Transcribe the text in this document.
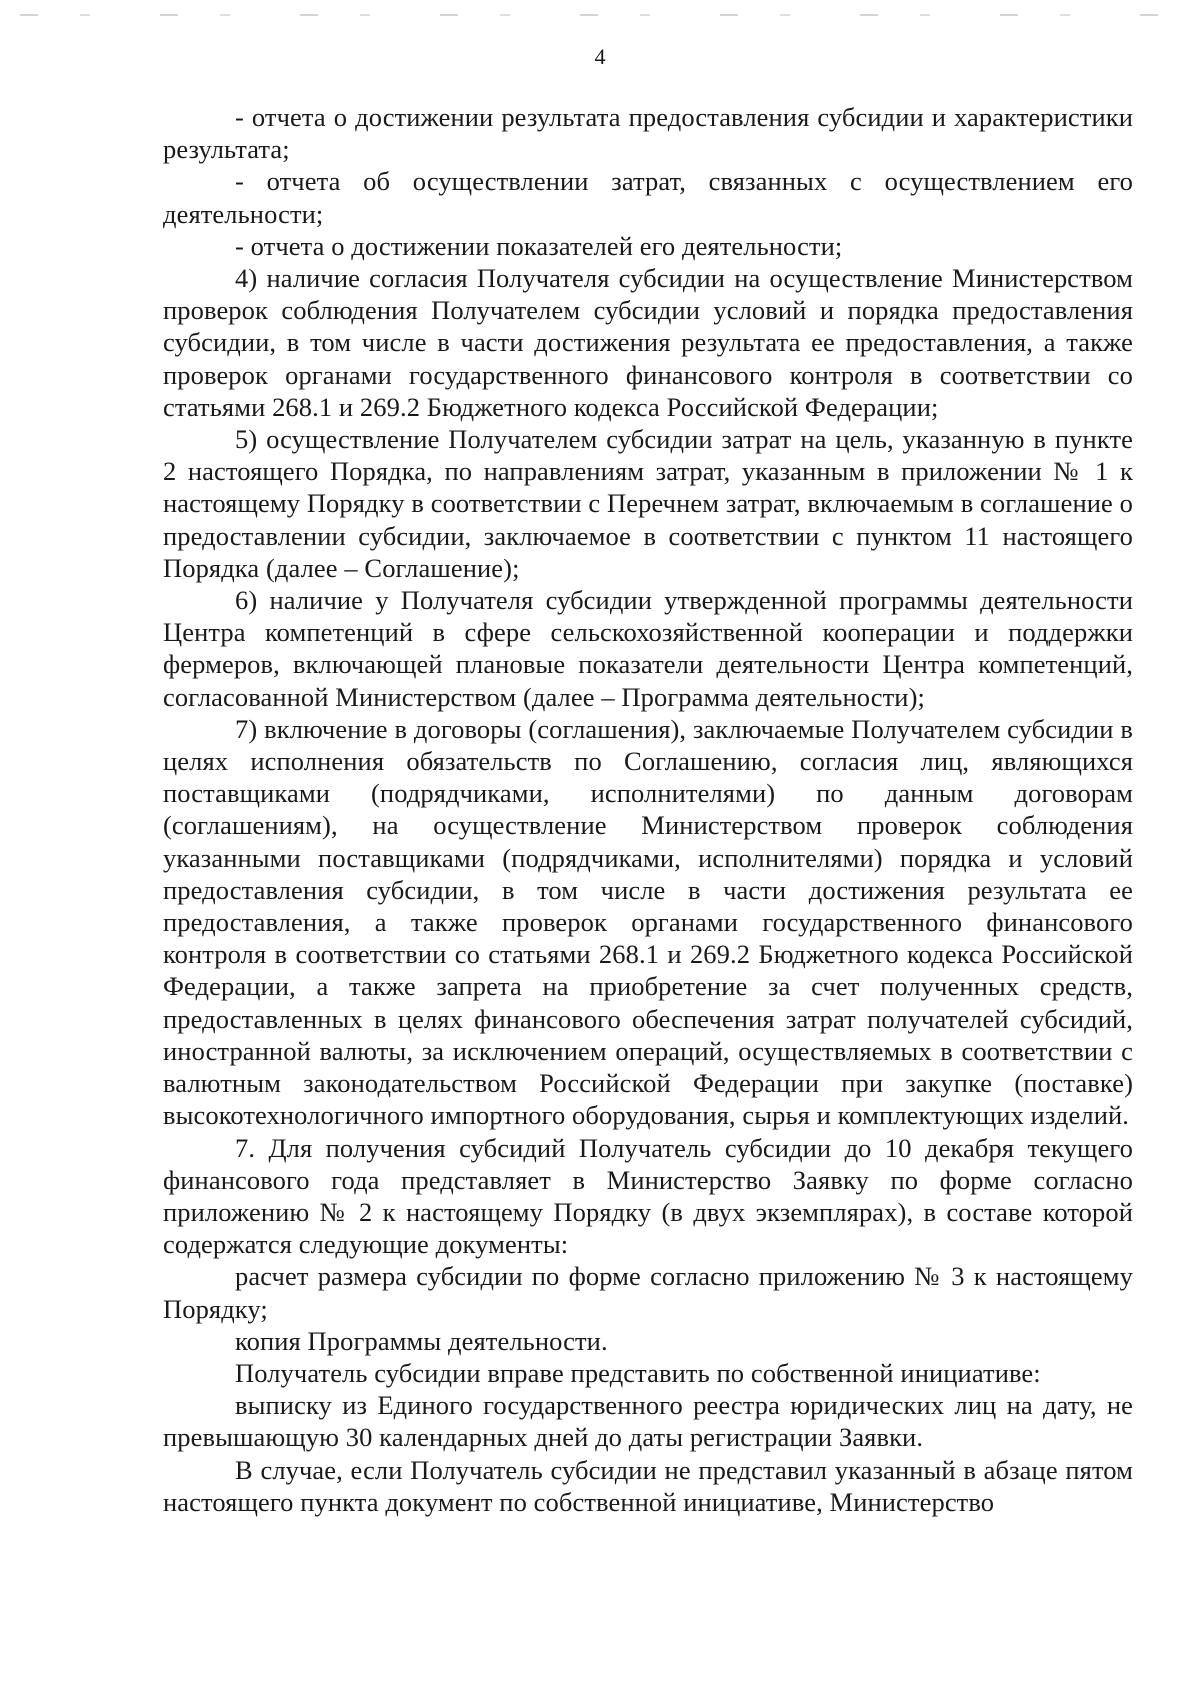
4

- отчета о достижении результата предоставления субсидии и характеристики результата;

- отчета об осуществлении затрат, связанных с осуществлением его деятельности;

- отчета о достижении показателей его деятельности;

4) наличие согласия Получателя субсидии на осуществление Министерством проверок соблюдения Получателем субсидии условий и порядка предоставления субсидии, в том числе в части достижения результата ее предоставления, а также проверок органами государственного финансового контроля в соответствии со статьями 268.1 и 269.2 Бюджетного кодекса Российской Федерации;

5) осуществление Получателем субсидии затрат на цель, указанную в пункте 2 настоящего Порядка, по направлениям затрат, указанным в приложении № 1 к настоящему Порядку в соответствии с Перечнем затрат, включаемым в соглашение о предоставлении субсидии, заключаемое в соответствии с пунктом 11 настоящего Порядка (далее – Соглашение);

6) наличие у Получателя субсидии утвержденной программы деятельности Центра компетенций в сфере сельскохозяйственной кооперации и поддержки фермеров, включающей плановые показатели деятельности Центра компетенций, согласованной Министерством (далее – Программа деятельности);

7) включение в договоры (соглашения), заключаемые Получателем субсидии в целях исполнения обязательств по Соглашению, согласия лиц, являющихся поставщиками (подрядчиками, исполнителями) по данным договорам (соглашениям), на осуществление Министерством проверок соблюдения указанными поставщиками (подрядчиками, исполнителями) порядка и условий предоставления субсидии, в том числе в части достижения результата ее предоставления, а также проверок органами государственного финансового контроля в соответствии со статьями 268.1 и 269.2 Бюджетного кодекса Российской Федерации, а также запрета на приобретение за счет полученных средств, предоставленных в целях финансового обеспечения затрат получателей субсидий, иностранной валюты, за исключением операций, осуществляемых в соответствии с валютным законодательством Российской Федерации при закупке (поставке) высокотехнологичного импортного оборудования, сырья и комплектующих изделий.

7. Для получения субсидий Получатель субсидии до 10 декабря текущего финансового года представляет в Министерство Заявку по форме согласно приложению № 2 к настоящему Порядку (в двух экземплярах), в составе которой содержатся следующие документы:

расчет размера субсидии по форме согласно приложению № 3 к настоящему Порядку;

копия Программы деятельности.

Получатель субсидии вправе представить по собственной инициативе:

выписку из Единого государственного реестра юридических лиц на дату, не превышающую 30 календарных дней до даты регистрации Заявки.

В случае, если Получатель субсидии не представил указанный в абзаце пятом настоящего пункта документ по собственной инициативе, Министерство
